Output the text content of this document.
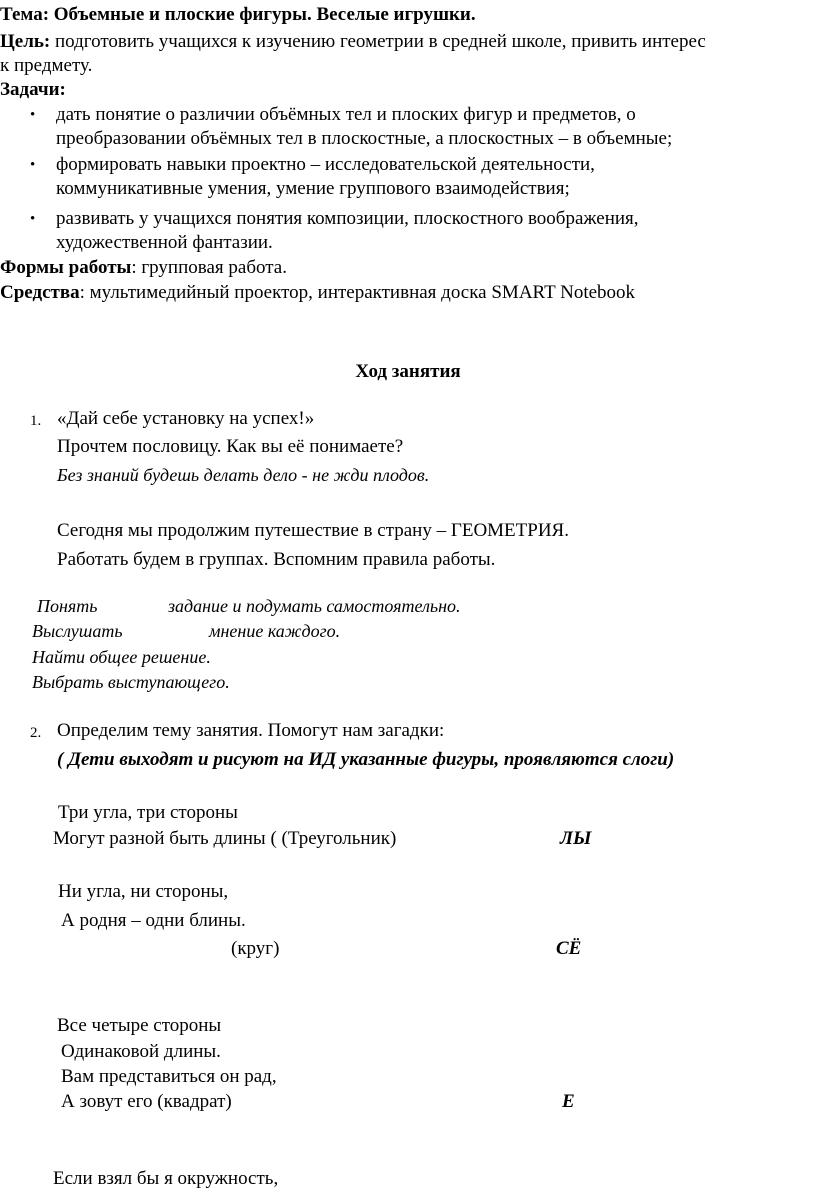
Тема: Объемные и плоские фигуры. Веселые игрушки.
Цель: подготовить учащихся к изучению геометрии в средней школе, привить интерес
к предмету.
Задачи:
• дать понятие о различии объёмных тел и плоских фигур и предметов, о
преобразовании объёмных тел в плоскостные, а плоскостных – в объемные;
• формировать навыки проектно – исследовательской деятельности,
коммуникативные умения, умение группового взаимодействия;
• развивать у учащихся понятия композиции, плоскостного воображения,
художественной фантазии.
Формы работы: групповая работа.
Средства: мультимедийный проектор, интерактивная доска SMART Notebook
Ход занятия
1. «Дай себе установку на успех!»
Прочтем пословицу. Как вы её понимаете?
Без знаний будешь делать дело - не жди плодов.
Сегодня мы продолжим путешествие в страну – ГЕОМЕТРИЯ.
Работать будем в группах. Вспомним правила работы.
Понять	задание и подумать самостоятельно.
Выслушать	мнение каждого.
Найти общее решение.
Выбрать выступающего.
2. Определим тему занятия. Помогут нам загадки:
( Дети выходят и рисуют на ИД указанные фигуры, проявляются слоги)
Три угла, три стороны
Могут разной быть длины ( (Треугольник)	ЛЫ
Ни угла, ни стороны,
А родня – одни блины.
(круг)	СЁ
Все четыре стороны
Одинаковой длины.
Вам представиться он рад,
А зовут его (квадрат)	Е
Если взял бы я окружность,
